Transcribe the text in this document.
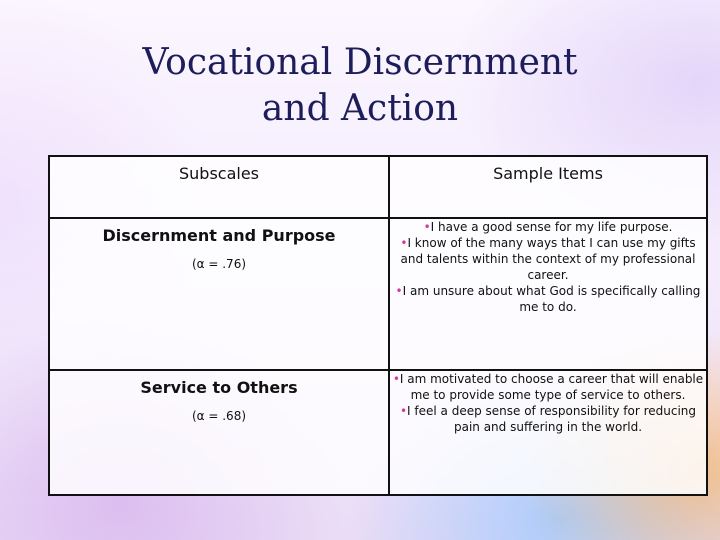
Vocational Discernment
and Action
Subscales	Sample Items

Discernment and Purpose
(α = .76)	•I have a good sense for my life purpose.
•I know of the many ways that I can use my gifts and talents within the context of my professional career.
•I am unsure about what God is specifically calling me to do.

Service to Others
(α = .68)	•I am motivated to choose a career that will enable me to provide some type of service to others.
•I feel a deep sense of responsibility for reducing pain and suffering in the world.
